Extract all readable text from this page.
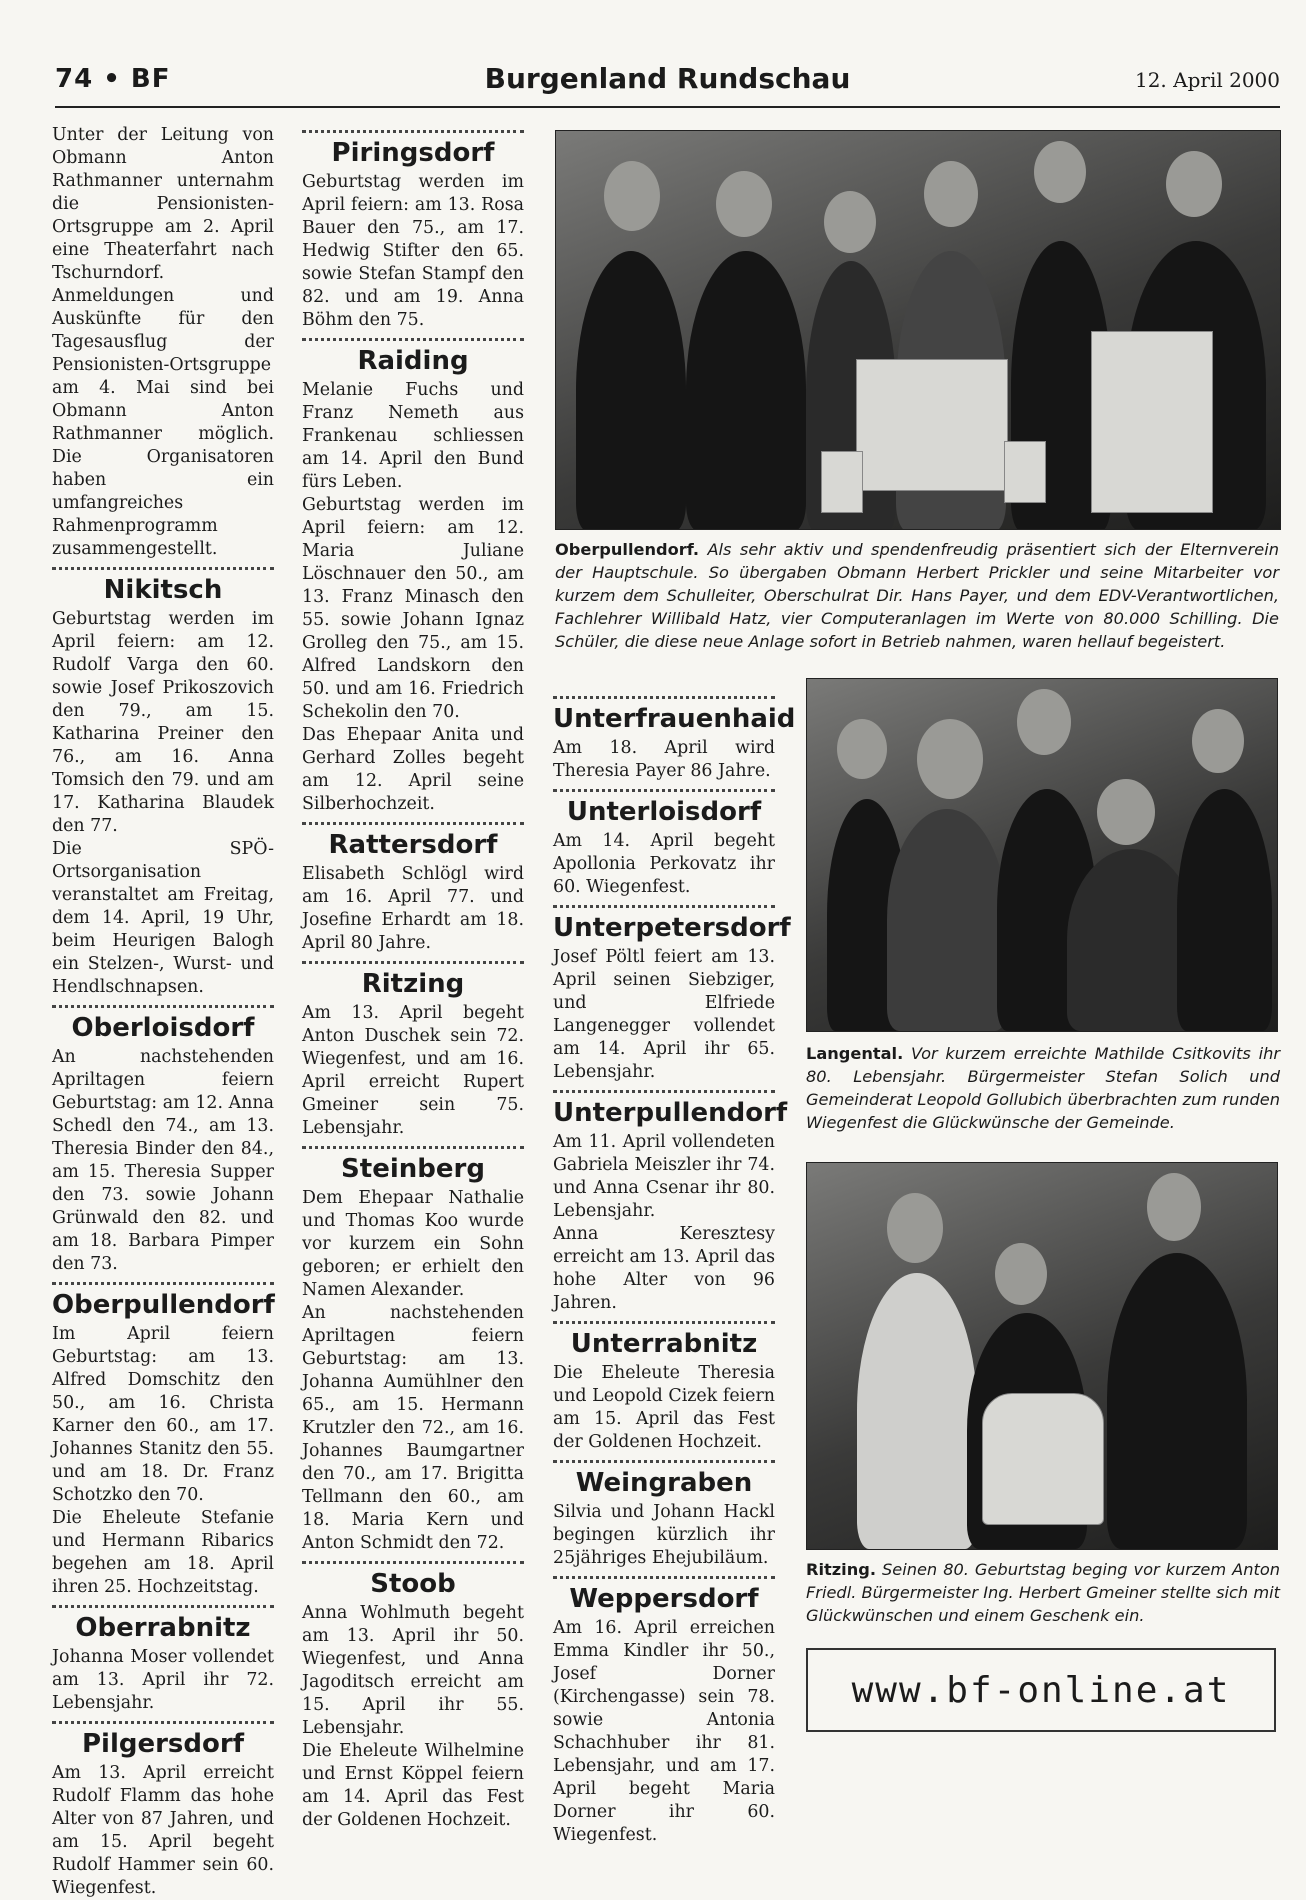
74 • BF	Burgenland Rundschau	12. April 2000

Unter der Leitung von Obmann Anton Rathmanner unternahm die Pensionisten-Ortsgruppe am 2. April eine Theaterfahrt nach Tschurndorf.

Anmeldungen und Auskünfte für den Tagesausflug der Pensionisten-Ortsgruppe am 4. Mai sind bei Obmann Anton Rathmanner möglich. Die Organisatoren haben ein umfangreiches Rahmenprogramm zusammengestellt.

Nikitsch

Geburtstag werden im April feiern: am 12. Rudolf Varga den 60. sowie Josef Prikoszovich den 79., am 15. Katharina Preiner den 76., am 16. Anna Tomsich den 79. und am 17. Katharina Blaudek den 77.

Die SPÖ-Ortsorganisation veranstaltet am Freitag, dem 14. April, 19 Uhr, beim Heurigen Balogh ein Stelzen-, Wurst- und Hendlschnapsen.

Oberloisdorf

An nachstehenden Apriltagen feiern Geburtstag: am 12. Anna Schedl den 74., am 13. Theresia Binder den 84., am 15. Theresia Supper den 73. sowie Johann Grünwald den 82. und am 18. Barbara Pimper den 73.

Oberpullendorf

Im April feiern Geburtstag: am 13. Alfred Domschitz den 50., am 16. Christa Karner den 60., am 17. Johannes Stanitz den 55. und am 18. Dr. Franz Schotzko den 70.

Die Eheleute Stefanie und Hermann Ribarics begehen am 18. April ihren 25. Hochzeitstag.

Oberrabnitz

Johanna Moser vollendet am 13. April ihr 72. Lebensjahr.

Pilgersdorf

Am 13. April erreicht Rudolf Flamm das hohe Alter von 87 Jahren, und am 15. April begeht Rudolf Hammer sein 60. Wiegenfest.

Piringsdorf

Geburtstag werden im April feiern: am 13. Rosa Bauer den 75., am 17. Hedwig Stifter den 65. sowie Stefan Stampf den 82. und am 19. Anna Böhm den 75.

Raiding

Melanie Fuchs und Franz Nemeth aus Frankenau schliessen am 14. April den Bund fürs Leben.

Geburtstag werden im April feiern: am 12. Maria Juliane Löschnauer den 50., am 13. Franz Minasch den 55. sowie Johann Ignaz Grolleg den 75., am 15. Alfred Landskorn den 50. und am 16. Friedrich Schekolin den 70.

Das Ehepaar Anita und Gerhard Zolles begeht am 12. April seine Silberhochzeit.

Rattersdorf

Elisabeth Schlögl wird am 16. April 77. und Josefine Erhardt am 18. April 80 Jahre.

Ritzing

Am 13. April begeht Anton Duschek sein 72. Wiegenfest, und am 16. April erreicht Rupert Gmeiner sein 75. Lebensjahr.

Steinberg

Dem Ehepaar Nathalie und Thomas Koo wurde vor kurzem ein Sohn geboren; er erhielt den Namen Alexander.

An nachstehenden Apriltagen feiern Geburtstag: am 13. Johanna Aumühlner den 65., am 15. Hermann Krutzler den 72., am 16. Johannes Baumgartner den 70., am 17. Brigitta Tellmann den 60., am 18. Maria Kern und Anton Schmidt den 72.

Stoob

Anna Wohlmuth begeht am 13. April ihr 50. Wiegenfest, und Anna Jagoditsch erreicht am 15. April ihr 55. Lebensjahr.

Die Eheleute Wilhelmine und Ernst Köppel feiern am 14. April das Fest der Goldenen Hochzeit.

Unterfrauenhaid

Am 18. April wird Theresia Payer 86 Jahre.

Unterloisdorf

Am 14. April begeht Apollonia Perkovatz ihr 60. Wiegenfest.

Unterpetersdorf

Josef Pöltl feiert am 13. April seinen Siebziger, und Elfriede Langenegger vollendet am 14. April ihr 65. Lebensjahr.

Unterpullendorf

Am 11. April vollendeten Gabriela Meiszler ihr 74. und Anna Csenar ihr 80. Lebensjahr.

Anna Keresztesy erreicht am 13. April das hohe Alter von 96 Jahren.

Unterrabnitz

Die Eheleute Theresia und Leopold Cizek feiern am 15. April das Fest der Goldenen Hochzeit.

Weingraben

Silvia und Johann Hackl begingen kürzlich ihr 25jähriges Ehejubiläum.

Weppersdorf

Am 16. April erreichen Emma Kindler ihr 50., Josef Dorner (Kirchengasse) sein 78. sowie Antonia Schachhuber ihr 81. Lebensjahr, und am 17. April begeht Maria Dorner ihr 60. Wiegenfest.

Oberpullendorf. Als sehr aktiv und spendenfreudig präsentiert sich der Elternverein der Hauptschule. So übergaben Obmann Herbert Prickler und seine Mitarbeiter vor kurzem dem Schulleiter, Oberschulrat Dir. Hans Payer, und dem EDV-Verantwortlichen, Fachlehrer Willibald Hatz, vier Computeranlagen im Werte von 80.000 Schilling. Die Schüler, die diese neue Anlage sofort in Betrieb nahmen, waren hellauf begeistert.
Langental. Vor kurzem erreichte Mathilde Csitkovits ihr 80. Lebensjahr. Bürgermeister Stefan Solich und Gemeinderat Leopold Gollubich überbrachten zum runden Wiegenfest die Glückwünsche der Gemeinde.
Ritzing. Seinen 80. Geburtstag beging vor kurzem Anton Friedl. Bürgermeister Ing. Herbert Gmeiner stellte sich mit Glückwünschen und einem Geschenk ein.
www.bf-online.at
